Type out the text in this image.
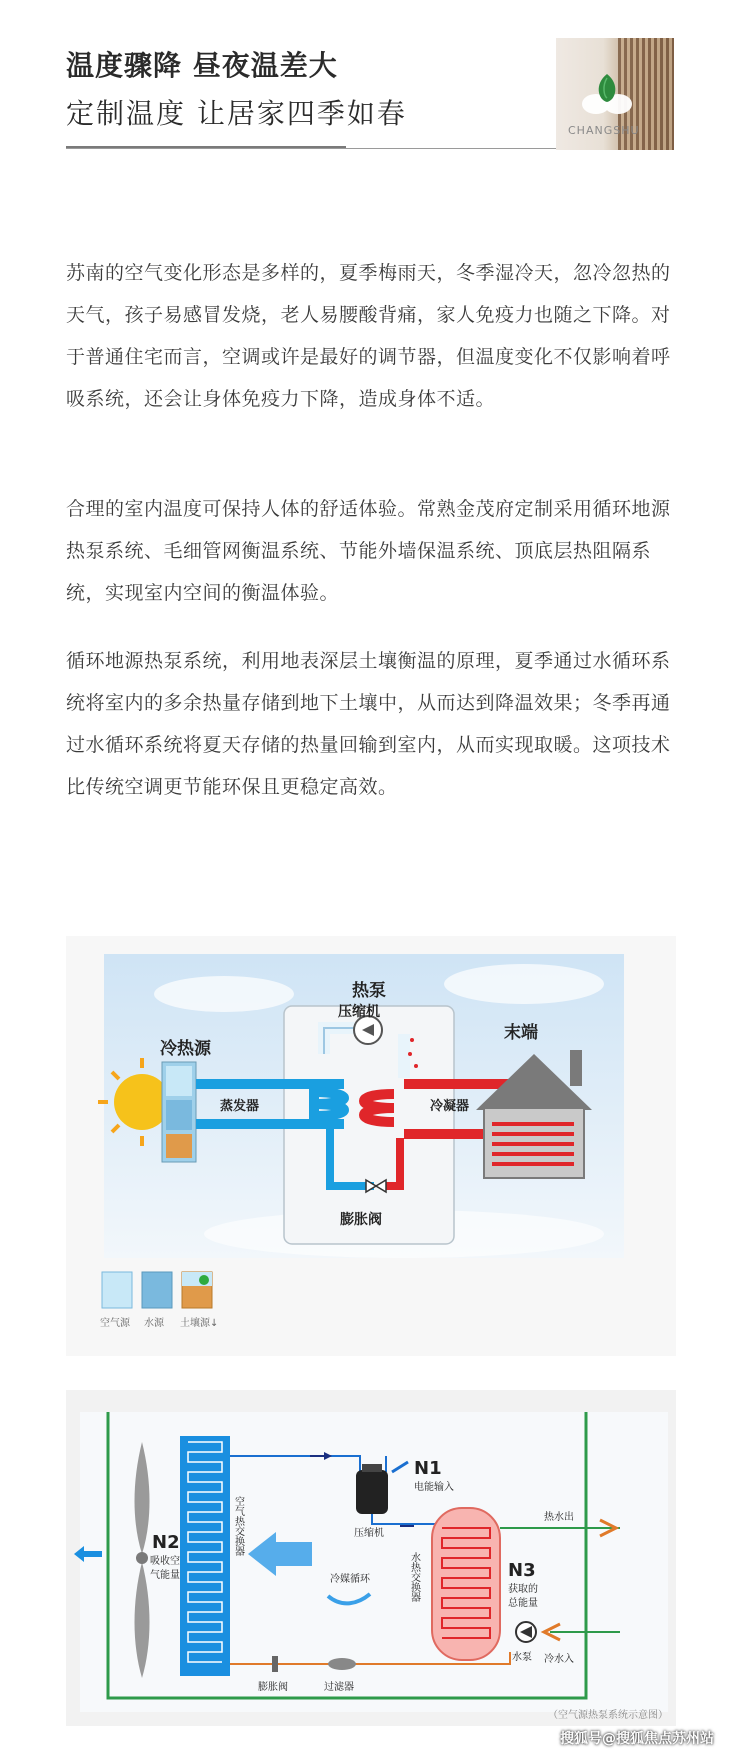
温度骤降 昼夜温差大
定制温度 让居家四季如春
CHANGSHU
苏南的空气变化形态是多样的，夏季梅雨天，冬季湿冷天，忽冷忽热的天气，孩子易感冒发烧，老人易腰酸背痛，家人免疫力也随之下降。对于普通住宅而言，空调或许是最好的调节器，但温度变化不仅影响着呼吸系统，还会让身体免疫力下降，造成身体不适。
合理的室内温度可保持人体的舒适体验。常熟金茂府定制采用循环地源热泵系统、毛细管网衡温系统、节能外墙保温系统、顶底层热阻隔系统，实现室内空间的衡温体验。
循环地源热泵系统，利用地表深层土壤衡温的原理，夏季通过水循环系统将室内的多余热量存储到地下土壤中，从而达到降温效果；冬季再通过水循环系统将夏天存储的热量回输到室内，从而实现取暖。这项技术比传统空调更节能环保且更稳定高效。
热泵
压缩机
冷热源
末端
蒸发器	冷凝器
膨胀阀
空气源 水源 土壤源↓
N1
电能输入
N2
吸收空
气能量	N3
获取的
总能量
压缩机
空气热交换器
水热交换器
冷媒循环
热水出
冷水入
膨胀阀	过滤器
水泵
（空气源热泵系统示意图）
搜狐号@搜狐焦点苏州站
